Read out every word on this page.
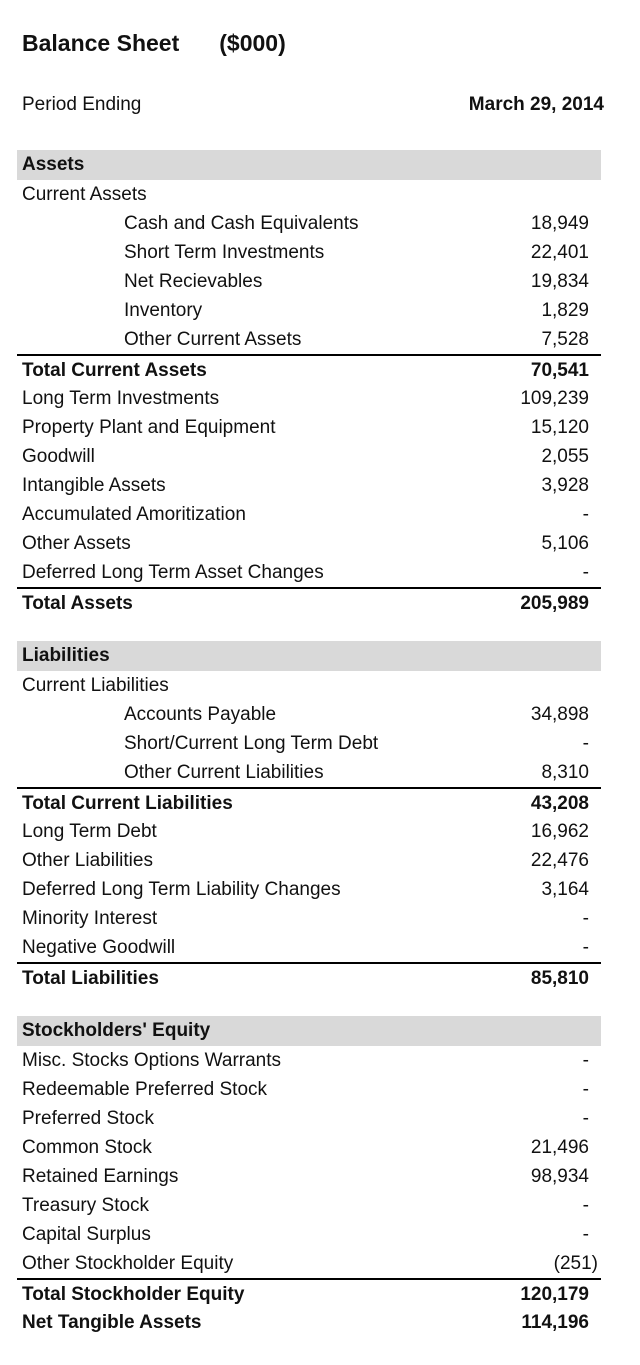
Balance Sheet ($000)
Period Ending	March 29, 2014
Assets
Current Assets
Cash and Cash Equivalents	18,949
Short Term Investments	22,401
Net Recievables	19,834
Inventory	1,829
Other Current Assets	7,528
Total Current Assets	70,541
Long Term Investments	109,239
Property Plant and Equipment	15,120
Goodwill	2,055
Intangible Assets	3,928
Accumulated Amoritization	-
Other Assets	5,106
Deferred Long Term Asset Changes	-
Total Assets	205,989
Liabilities
Current Liabilities
Accounts Payable	34,898
Short/Current Long Term Debt	-
Other Current Liabilities	8,310
Total Current Liabilities	43,208
Long Term Debt	16,962
Other Liabilities	22,476
Deferred Long Term Liability Changes	3,164
Minority Interest	-
Negative Goodwill	-
Total Liabilities	85,810
Stockholders' Equity
Misc. Stocks Options Warrants	-
Redeemable Preferred Stock	-
Preferred Stock	-
Common Stock	21,496
Retained Earnings	98,934
Treasury Stock	-
Capital Surplus	-
Other Stockholder Equity	(251)
Total Stockholder Equity	120,179
Net Tangible Assets	114,196
